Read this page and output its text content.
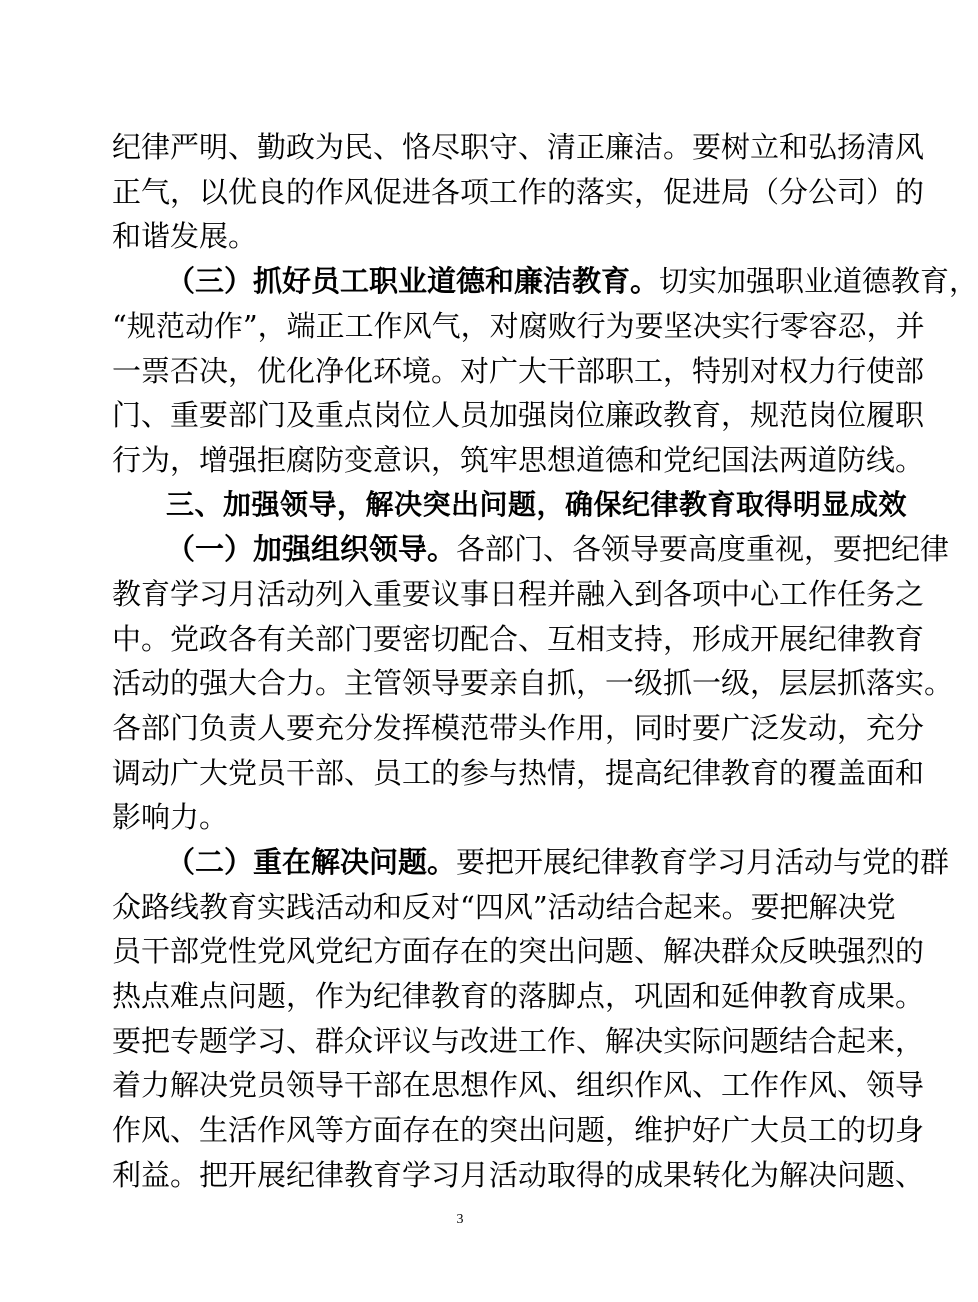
纪律严明、勤政为民、恪尽职守、清正廉洁。要树立和弘扬清风
正气，以优良的作风促进各项工作的落实，促进局（分公司）的
和谐发展。
（三）抓好员工职业道德和廉洁教育。切实加强职业道德教育，
“规范动作”，端正工作风气，对腐败行为要坚决实行零容忍，并
一票否决，优化净化环境。对广大干部职工，特别对权力行使部
门、重要部门及重点岗位人员加强岗位廉政教育，规范岗位履职
行为，增强拒腐防变意识，筑牢思想道德和党纪国法两道防线。
三、加强领导，解决突出问题，确保纪律教育取得明显成效
（一）加强组织领导。各部门、各领导要高度重视，要把纪律
教育学习月活动列入重要议事日程并融入到各项中心工作任务之
中。党政各有关部门要密切配合、互相支持，形成开展纪律教育
活动的强大合力。主管领导要亲自抓，一级抓一级，层层抓落实。
各部门负责人要充分发挥模范带头作用，同时要广泛发动，充分
调动广大党员干部、员工的参与热情，提高纪律教育的覆盖面和
影响力。
（二）重在解决问题。要把开展纪律教育学习月活动与党的群
众路线教育实践活动和反对“四风”活动结合起来。要把解决党
员干部党性党风党纪方面存在的突出问题、解决群众反映强烈的
热点难点问题，作为纪律教育的落脚点，巩固和延伸教育成果。
要把专题学习、群众评议与改进工作、解决实际问题结合起来，
着力解决党员领导干部在思想作风、组织作风、工作作风、领导
作风、生活作风等方面存在的突出问题，维护好广大员工的切身
利益。把开展纪律教育学习月活动取得的成果转化为解决问题、
3
